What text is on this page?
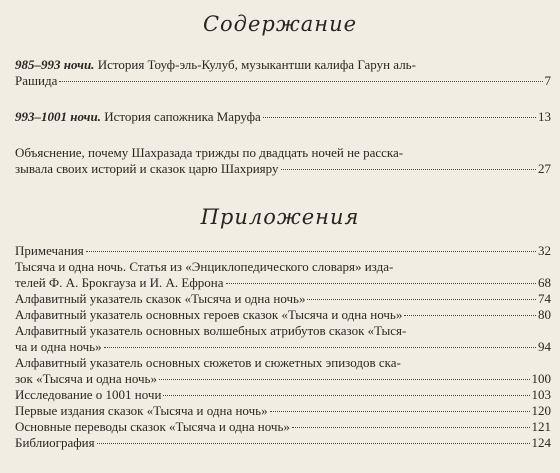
Содержание
985–993 ночи. История Тоуф-эль-Кулуб, музыкантши калифа Гарун аль-
Рашида	7
993–1001 ночи. История сапожника Маруфа	13
Объяснение, почему Шахразада трижды по двадцать ночей не расска-
зывала своих историй и сказок царю Шахрияру	27
Приложения
Примечания	32
Тысяча и одна ночь. Статья из «Энциклопедического словаря» изда-
телей Ф. А. Брокгауза и И. А. Ефрона	68
Алфавитный указатель сказок «Тысяча и одна ночь»	74
Алфавитный указатель основных героев сказок «Тысяча и одна ночь»	80
Алфавитный указатель основных волшебных атрибутов сказок «Тыся-
ча и одна ночь»	94
Алфавитный указатель основных сюжетов и сюжетных эпизодов ска-
зок «Тысяча и одна ночь»	100
Исследование о 1001 ночи	103
Первые издания сказок «Тысяча и одна ночь»	120
Основные переводы сказок «Тысяча и одна ночь»	121
Библиография	124
